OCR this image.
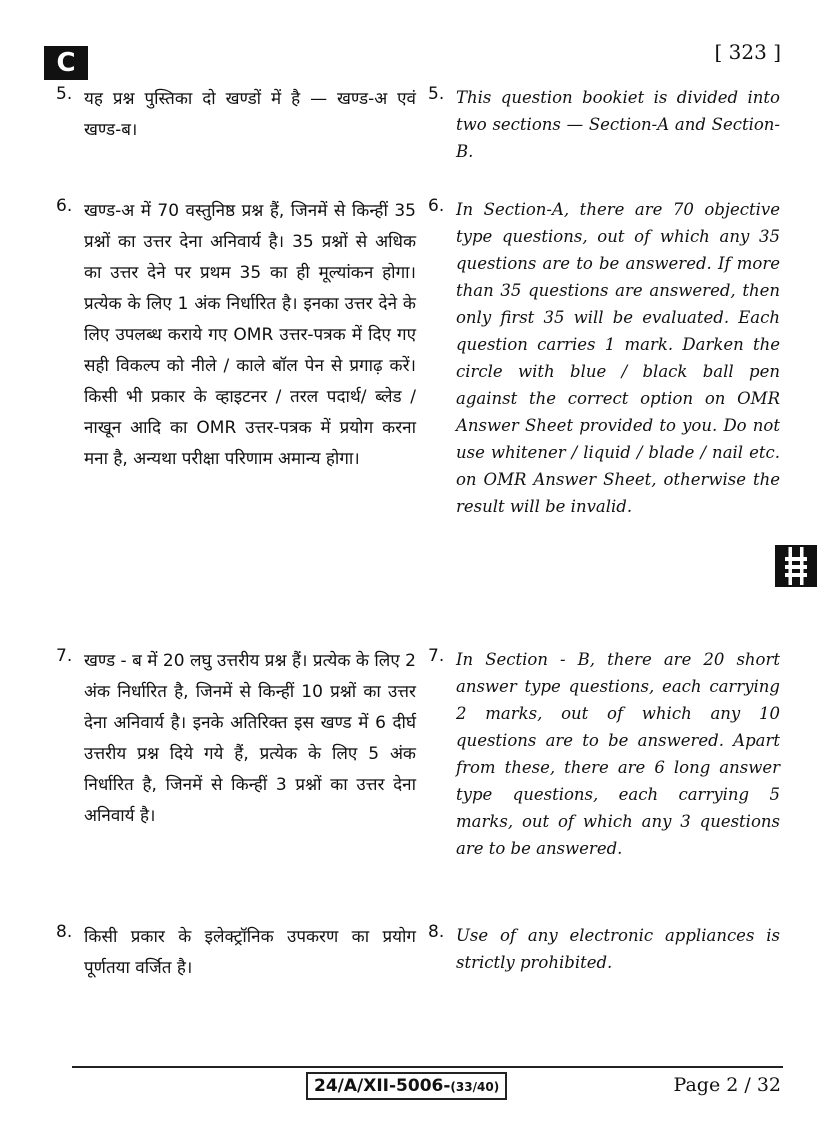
C	[ 323 ]
5. यह प्रश्न पुस्तिका दो खण्डों में है — खण्ड-अ एवं खण्ड-ब।
5. This question bookiet is divided into two sections — Section-A and Section-B.
6. खण्ड-अ में 70 वस्तुनिष्ठ प्रश्न हैं, जिनमें से किन्हीं 35 प्रश्नों का उत्तर देना अनिवार्य है। 35 प्रश्नों से अधिक का उत्तर देने पर प्रथम 35 का ही मूल्यांकन होगा। प्रत्येक के लिए 1 अंक निर्धारित है। इनका उत्तर देने के लिए उपलब्ध कराये गए OMR उत्तर-पत्रक में दिए गए सही विकल्प को नीले / काले बॉल पेन से प्रगाढ़ करें। किसी भी प्रकार के व्हाइटनर / तरल पदार्थ/ ब्लेड / नाखून आदि का OMR उत्तर-पत्रक में प्रयोग करना मना है, अन्यथा परीक्षा परिणाम अमान्य होगा।
6. In Section-A, there are 70 objective type questions, out of which any 35 questions are to be answered. If more than 35 questions are answered, then only first 35 will be evaluated. Each question carries 1 mark. Darken the circle with blue / black ball pen against the correct option on OMR Answer Sheet provided to you. Do not use whitener / liquid / blade / nail etc. on OMR Answer Sheet, otherwise the result will be invalid.
7. खण्ड - ब में 20 लघु उत्तरीय प्रश्न हैं। प्रत्येक के लिए 2 अंक निर्धारित है, जिनमें से किन्हीं 10 प्रश्नों का उत्तर देना अनिवार्य है। इनके अतिरिक्त इस खण्ड में 6 दीर्घ उत्तरीय प्रश्न दिये गये हैं, प्रत्येक के लिए 5 अंक निर्धारित है, जिनमें से किन्हीं 3 प्रश्नों का उत्तर देना अनिवार्य है।
7. In Section - B, there are 20 short answer type questions, each carrying 2 marks, out of which any 10 questions are to be answered. Apart from these, there are 6 long answer type questions, each carrying 5 marks, out of which any 3 questions are to be answered.
8. किसी प्रकार के इलेक्ट्रॉनिक उपकरण का प्रयोग पूर्णतया वर्जित है।
8. Use of any electronic appliances is strictly prohibited.
24/A/XII-5006-(33/40)	Page 2 / 32
